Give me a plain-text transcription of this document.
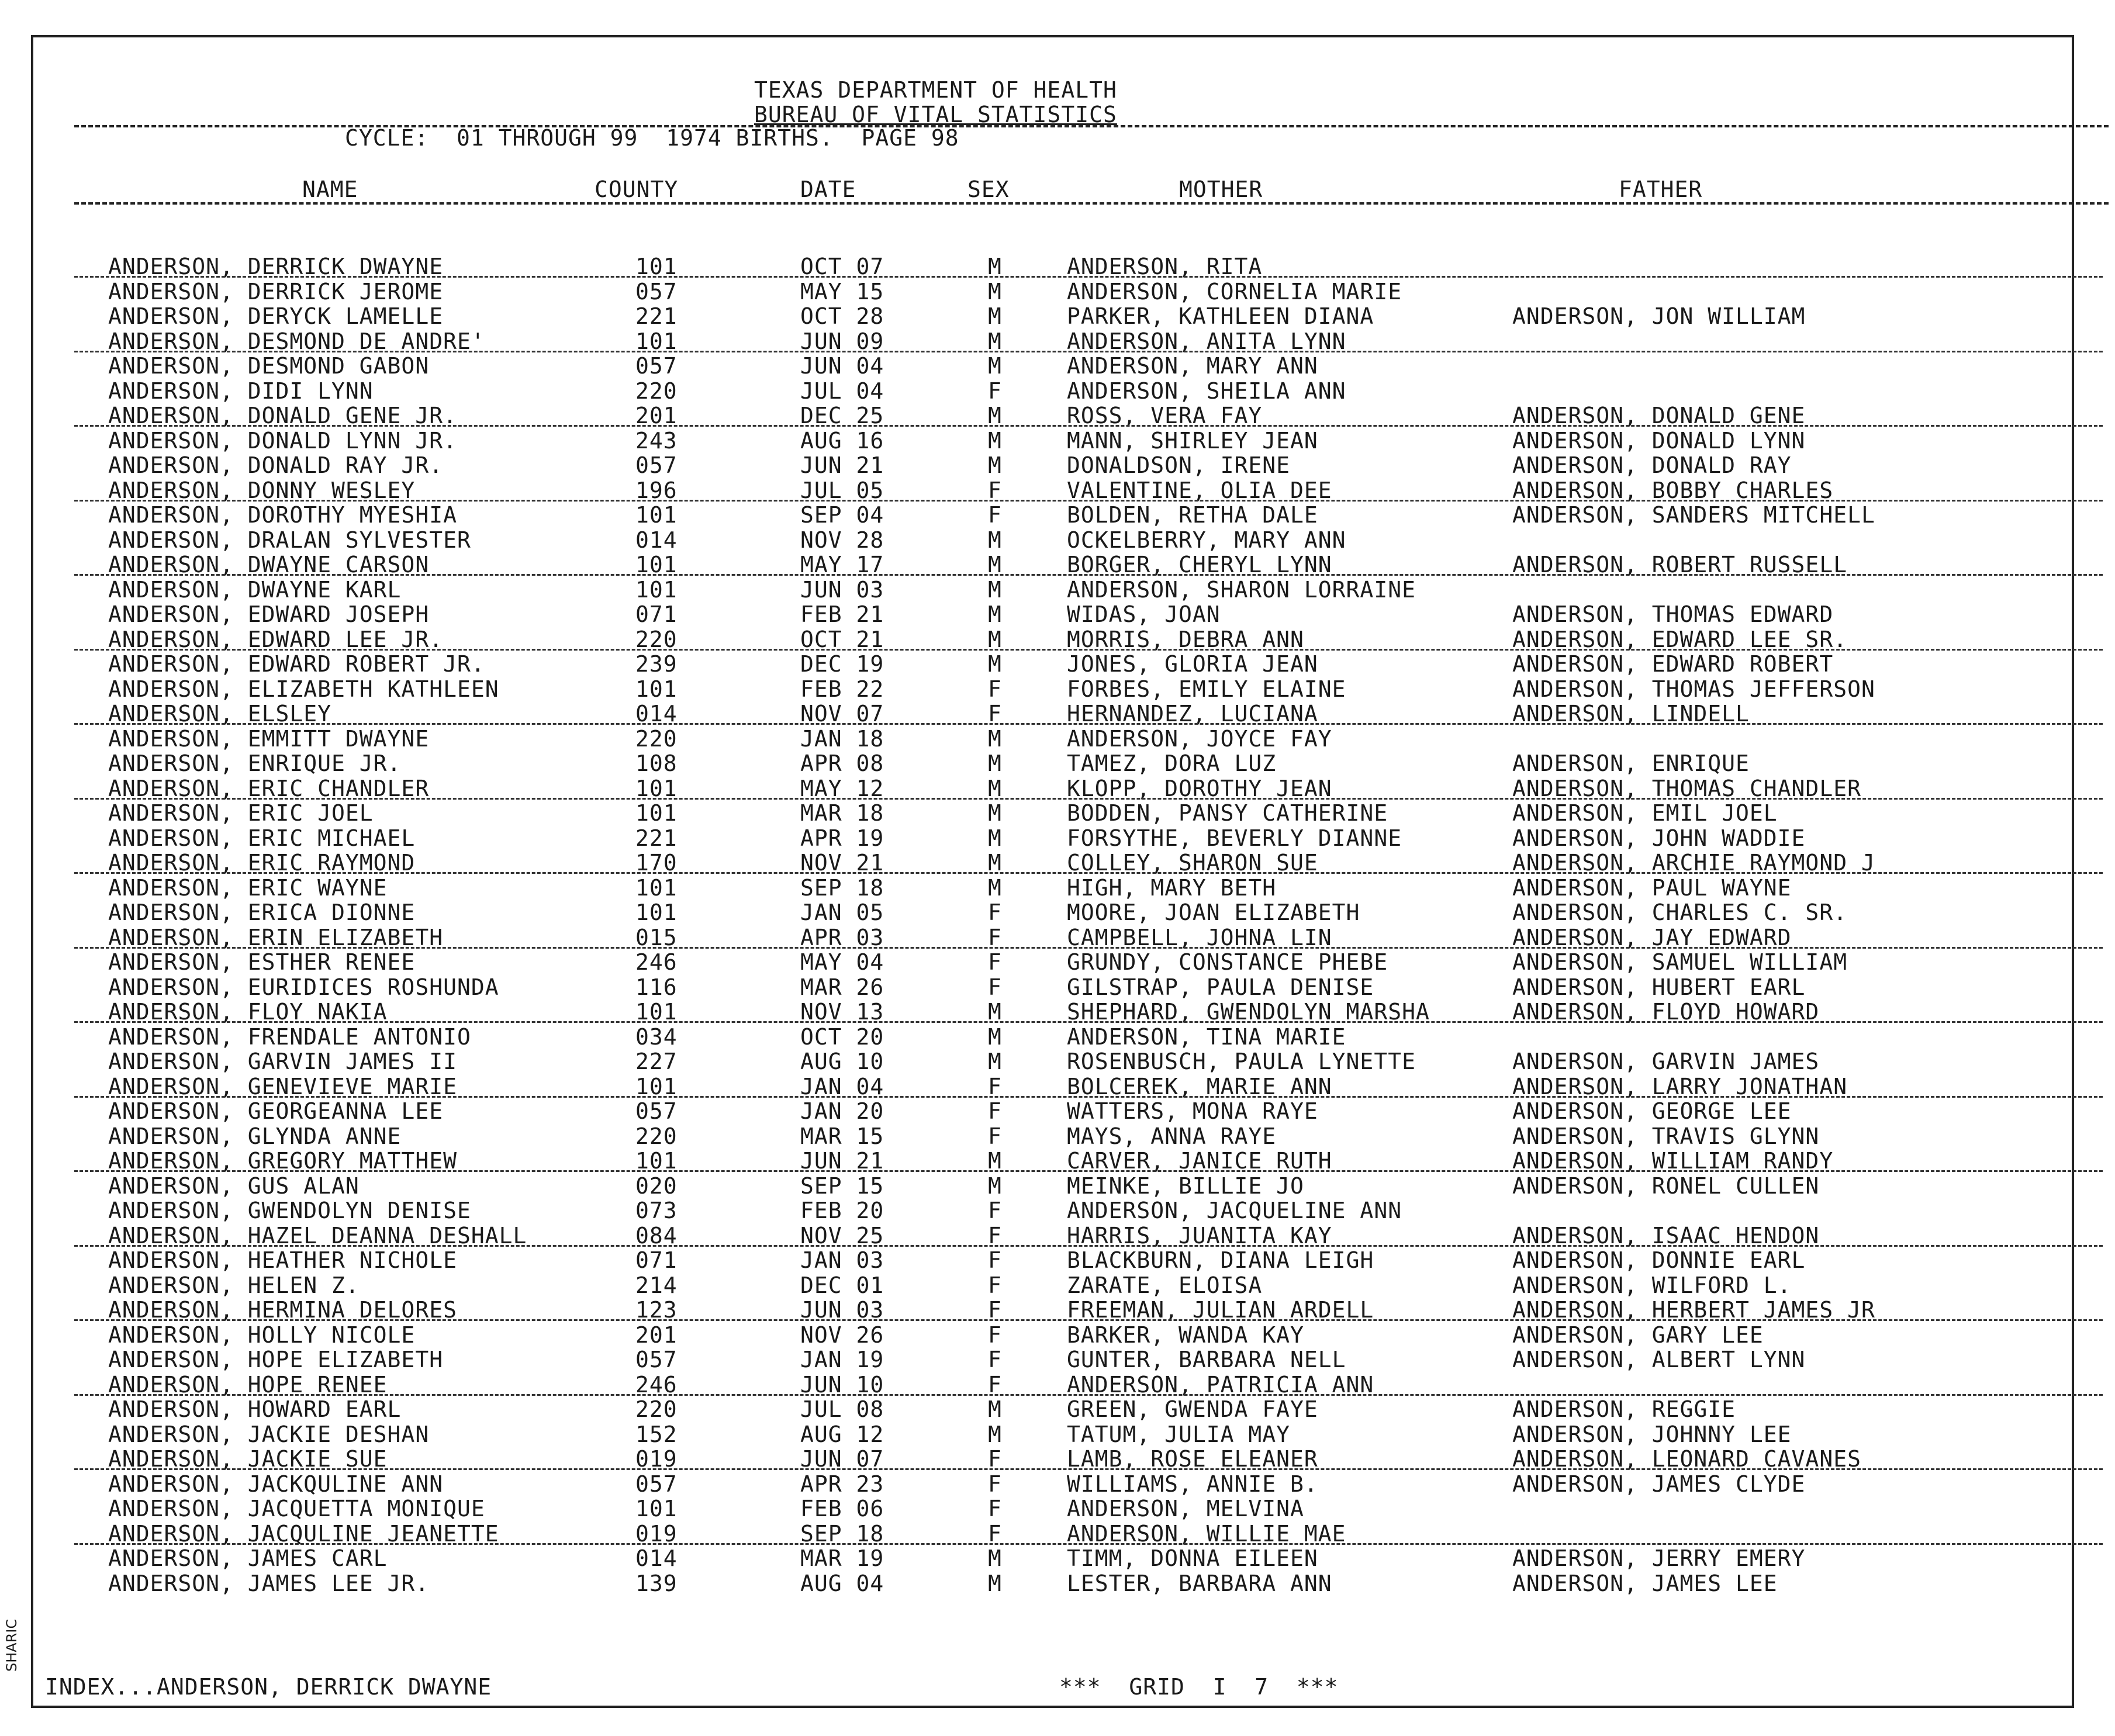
TEXAS DEPARTMENT OF HEALTH
BUREAU OF VITAL STATISTICS
CYCLE:  01 THROUGH 99  1974 BIRTHS.  PAGE 98
NAME	COUNTY	DATE	SEX	MOTHER	FATHER
ANDERSON, DERRICK DWAYNE	101	OCT 07	M	ANDERSON, RITA
ANDERSON, DERRICK JEROME	057	MAY 15	M	ANDERSON, CORNELIA MARIE
ANDERSON, DERYCK LAMELLE	221	OCT 28	M	PARKER, KATHLEEN DIANA	ANDERSON, JON WILLIAM
ANDERSON, DESMOND DE ANDRE'	101	JUN 09	M	ANDERSON, ANITA LYNN
ANDERSON, DESMOND GABON	057	JUN 04	M	ANDERSON, MARY ANN
ANDERSON, DIDI LYNN	220	JUL 04	F	ANDERSON, SHEILA ANN
ANDERSON, DONALD GENE JR.	201	DEC 25	M	ROSS, VERA FAY	ANDERSON, DONALD GENE
ANDERSON, DONALD LYNN JR.	243	AUG 16	M	MANN, SHIRLEY JEAN	ANDERSON, DONALD LYNN
ANDERSON, DONALD RAY JR.	057	JUN 21	M	DONALDSON, IRENE	ANDERSON, DONALD RAY
ANDERSON, DONNY WESLEY	196	JUL 05	F	VALENTINE, OLIA DEE	ANDERSON, BOBBY CHARLES
ANDERSON, DOROTHY MYESHIA	101	SEP 04	F	BOLDEN, RETHA DALE	ANDERSON, SANDERS MITCHELL
ANDERSON, DRALAN SYLVESTER	014	NOV 28	M	OCKELBERRY, MARY ANN
ANDERSON, DWAYNE CARSON	101	MAY 17	M	BORGER, CHERYL LYNN	ANDERSON, ROBERT RUSSELL
ANDERSON, DWAYNE KARL	101	JUN 03	M	ANDERSON, SHARON LORRAINE
ANDERSON, EDWARD JOSEPH	071	FEB 21	M	WIDAS, JOAN	ANDERSON, THOMAS EDWARD
ANDERSON, EDWARD LEE JR.	220	OCT 21	M	MORRIS, DEBRA ANN	ANDERSON, EDWARD LEE SR.
ANDERSON, EDWARD ROBERT JR.	239	DEC 19	M	JONES, GLORIA JEAN	ANDERSON, EDWARD ROBERT
ANDERSON, ELIZABETH KATHLEEN	101	FEB 22	F	FORBES, EMILY ELAINE	ANDERSON, THOMAS JEFFERSON
ANDERSON, ELSLEY	014	NOV 07	F	HERNANDEZ, LUCIANA	ANDERSON, LINDELL
ANDERSON, EMMITT DWAYNE	220	JAN 18	M	ANDERSON, JOYCE FAY
ANDERSON, ENRIQUE JR.	108	APR 08	M	TAMEZ, DORA LUZ	ANDERSON, ENRIQUE
ANDERSON, ERIC CHANDLER	101	MAY 12	M	KLOPP, DOROTHY JEAN	ANDERSON, THOMAS CHANDLER
ANDERSON, ERIC JOEL	101	MAR 18	M	BODDEN, PANSY CATHERINE	ANDERSON, EMIL JOEL
ANDERSON, ERIC MICHAEL	221	APR 19	M	FORSYTHE, BEVERLY DIANNE	ANDERSON, JOHN WADDIE
ANDERSON, ERIC RAYMOND	170	NOV 21	M	COLLEY, SHARON SUE	ANDERSON, ARCHIE RAYMOND J
ANDERSON, ERIC WAYNE	101	SEP 18	M	HIGH, MARY BETH	ANDERSON, PAUL WAYNE
ANDERSON, ERICA DIONNE	101	JAN 05	F	MOORE, JOAN ELIZABETH	ANDERSON, CHARLES C. SR.
ANDERSON, ERIN ELIZABETH	015	APR 03	F	CAMPBELL, JOHNA LIN	ANDERSON, JAY EDWARD
ANDERSON, ESTHER RENEE	246	MAY 04	F	GRUNDY, CONSTANCE PHEBE	ANDERSON, SAMUEL WILLIAM
ANDERSON, EURIDICES ROSHUNDA	116	MAR 26	F	GILSTRAP, PAULA DENISE	ANDERSON, HUBERT EARL
ANDERSON, FLOY NAKIA	101	NOV 13	M	SHEPHARD, GWENDOLYN MARSHA	ANDERSON, FLOYD HOWARD
ANDERSON, FRENDALE ANTONIO	034	OCT 20	M	ANDERSON, TINA MARIE
ANDERSON, GARVIN JAMES II	227	AUG 10	M	ROSENBUSCH, PAULA LYNETTE	ANDERSON, GARVIN JAMES
ANDERSON, GENEVIEVE MARIE	101	JAN 04	F	BOLCEREK, MARIE ANN	ANDERSON, LARRY JONATHAN
ANDERSON, GEORGEANNA LEE	057	JAN 20	F	WATTERS, MONA RAYE	ANDERSON, GEORGE LEE
ANDERSON, GLYNDA ANNE	220	MAR 15	F	MAYS, ANNA RAYE	ANDERSON, TRAVIS GLYNN
ANDERSON, GREGORY MATTHEW	101	JUN 21	M	CARVER, JANICE RUTH	ANDERSON, WILLIAM RANDY
ANDERSON, GUS ALAN	020	SEP 15	M	MEINKE, BILLIE JO	ANDERSON, RONEL CULLEN
ANDERSON, GWENDOLYN DENISE	073	FEB 20	F	ANDERSON, JACQUELINE ANN
ANDERSON, HAZEL DEANNA DESHALL	084	NOV 25	F	HARRIS, JUANITA KAY	ANDERSON, ISAAC HENDON
ANDERSON, HEATHER NICHOLE	071	JAN 03	F	BLACKBURN, DIANA LEIGH	ANDERSON, DONNIE EARL
ANDERSON, HELEN Z.	214	DEC 01	F	ZARATE, ELOISA	ANDERSON, WILFORD L.
ANDERSON, HERMINA DELORES	123	JUN 03	F	FREEMAN, JULIAN ARDELL	ANDERSON, HERBERT JAMES JR
ANDERSON, HOLLY NICOLE	201	NOV 26	F	BARKER, WANDA KAY	ANDERSON, GARY LEE
ANDERSON, HOPE ELIZABETH	057	JAN 19	F	GUNTER, BARBARA NELL	ANDERSON, ALBERT LYNN
ANDERSON, HOPE RENEE	246	JUN 10	F	ANDERSON, PATRICIA ANN
ANDERSON, HOWARD EARL	220	JUL 08	M	GREEN, GWENDA FAYE	ANDERSON, REGGIE
ANDERSON, JACKIE DESHAN	152	AUG 12	M	TATUM, JULIA MAY	ANDERSON, JOHNNY LEE
ANDERSON, JACKIE SUE	019	JUN 07	F	LAMB, ROSE ELEANER	ANDERSON, LEONARD CAVANES
ANDERSON, JACKQULINE ANN	057	APR 23	F	WILLIAMS, ANNIE B.	ANDERSON, JAMES CLYDE
ANDERSON, JACQUETTA MONIQUE	101	FEB 06	F	ANDERSON, MELVINA
ANDERSON, JACQULINE JEANETTE	019	SEP 18	F	ANDERSON, WILLIE MAE
ANDERSON, JAMES CARL	014	MAR 19	M	TIMM, DONNA EILEEN	ANDERSON, JERRY EMERY
ANDERSON, JAMES LEE JR.	139	AUG 04	M	LESTER, BARBARA ANN	ANDERSON, JAMES LEE
INDEX...ANDERSON, DERRICK DWAYNE	***  GRID  I  7  ***
SHARIC
